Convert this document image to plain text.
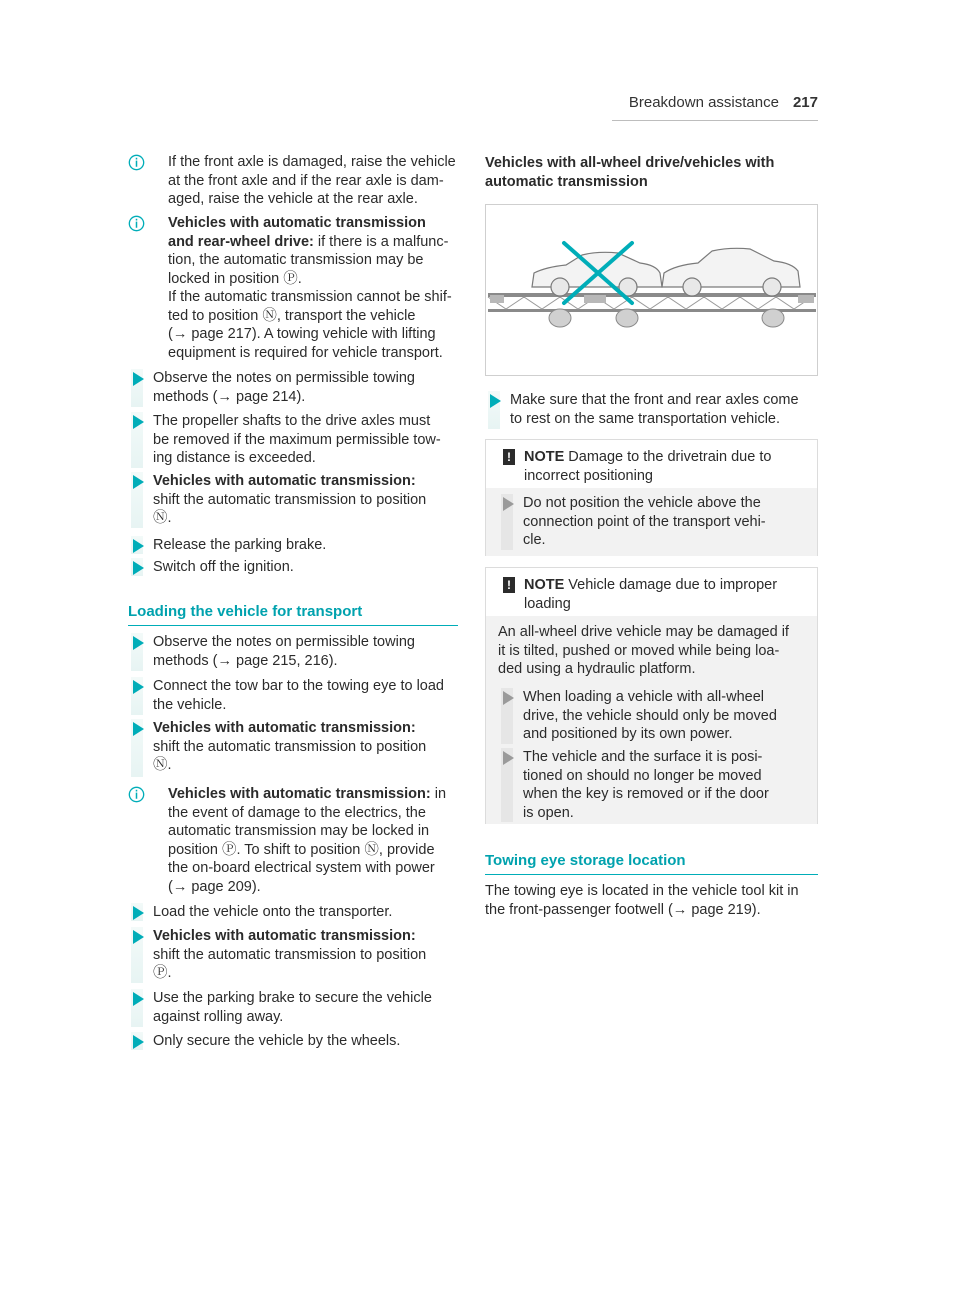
Breakdown assistance 217
If the front axle is damaged, raise the vehicle
at the front axle and if the rear axle is dam-
aged, raise the vehicle at the rear axle.
Vehicles with automatic transmission
and rear-wheel drive: if there is a malfunc-
tion, the automatic transmission may be
locked in position Ⓟ.
If the automatic transmission cannot be shif-
ted to position Ⓝ, transport the vehicle
(→ page 217). A towing vehicle with lifting
equipment is required for vehicle transport.
Observe the notes on permissible towing
methods (→ page 214).
The propeller shafts to the drive axles must
be removed if the maximum permissible tow-
ing distance is exceeded.
Vehicles with automatic transmission:
shift the automatic transmission to position
Ⓝ.
Release the parking brake.
Switch off the ignition.
Loading the vehicle for transport
Observe the notes on permissible towing
methods (→ page 215, 216).
Connect the tow bar to the towing eye to load
the vehicle.
Vehicles with automatic transmission:
shift the automatic transmission to position
Ⓝ.
Vehicles with automatic transmission: in
the event of damage to the electrics, the
automatic transmission may be locked in
position Ⓟ. To shift to position Ⓝ, provide
the on-board electrical system with power
(→ page 209).
Load the vehicle onto the transporter.
Vehicles with automatic transmission:
shift the automatic transmission to position
Ⓟ.
Use the parking brake to secure the vehicle
against rolling away.
Only secure the vehicle by the wheels.
Vehicles with all-wheel drive/vehicles with
automatic transmission
Make sure that the front and rear axles come
to rest on the same transportation vehicle.
! NOTE Damage to the drivetrain due to
incorrect positioning
Do not position the vehicle above the
connection point of the transport vehi-
cle.
! NOTE Vehicle damage due to improper
loading
An all-wheel drive vehicle may be damaged if
it is tilted, pushed or moved while being loa-
ded using a hydraulic platform.
When loading a vehicle with all-wheel
drive, the vehicle should only be moved
and positioned by its own power.
The vehicle and the surface it is posi-
tioned on should no longer be moved
when the key is removed or if the door
is open.
Towing eye storage location
The towing eye is located in the vehicle tool kit in
the front-passenger footwell (→ page 219).
